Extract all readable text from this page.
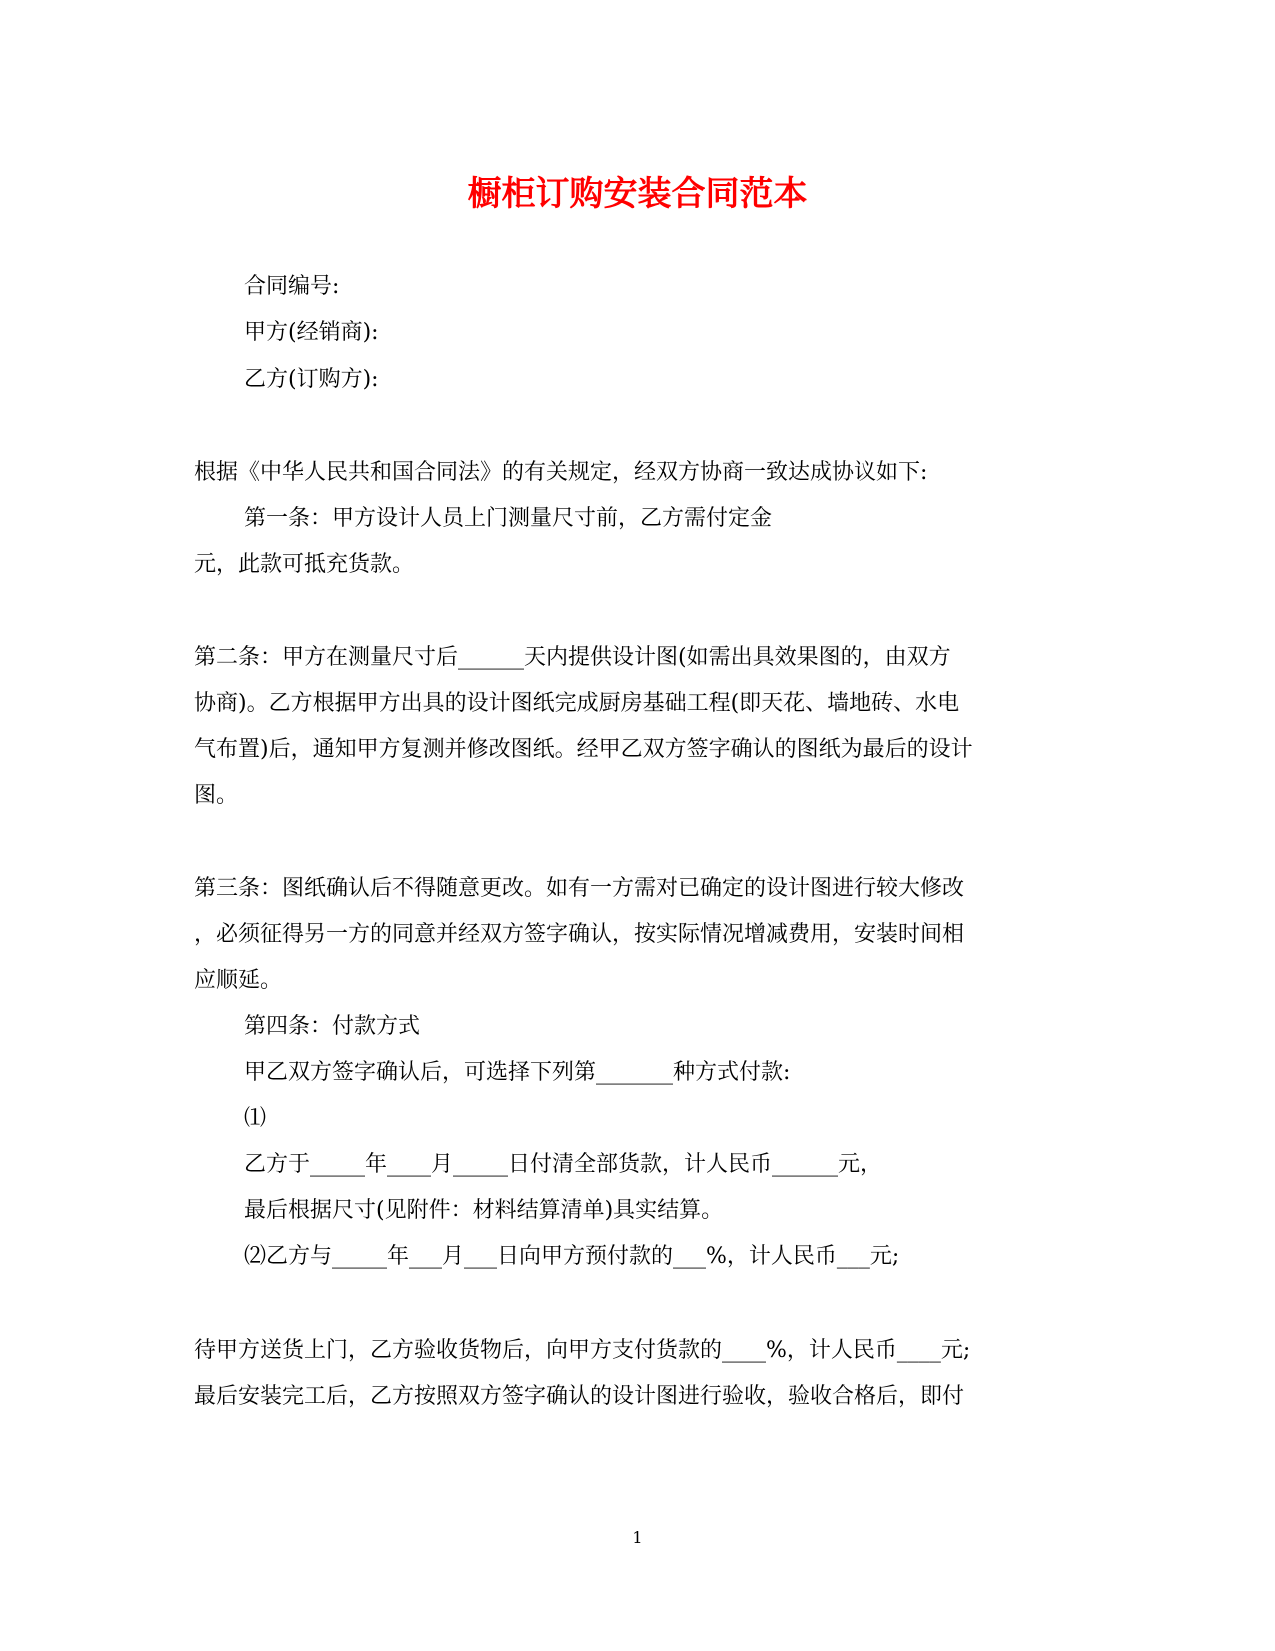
橱柜订购安装合同范本
合同编号:
甲方(经销商):
乙方(订购方):
根据《中华人民共和国合同法》的有关规定，经双方协商一致达成协议如下:
第一条：甲方设计人员上门测量尺寸前，乙方需付定金
元，此款可抵充货款。
第二条：甲方在测量尺寸后______天内提供设计图(如需出具效果图的，由双方
协商)。乙方根据甲方出具的设计图纸完成厨房基础工程(即天花、墙地砖、水电
气布置)后，通知甲方复测并修改图纸。经甲乙双方签字确认的图纸为最后的设计
图。
第三条：图纸确认后不得随意更改。如有一方需对已确定的设计图进行较大修改
，必须征得另一方的同意并经双方签字确认，按实际情况增减费用，安装时间相
应顺延。
第四条：付款方式
甲乙双方签字确认后，可选择下列第_______种方式付款:
⑴
乙方于_____年____月_____日付清全部货款，计人民币______元，
最后根据尺寸(见附件：材料结算清单)具实结算。
⑵乙方与_____年___月___日向甲方预付款的___%，计人民币___元;
待甲方送货上门，乙方验收货物后，向甲方支付货款的____%，计人民币____元;
最后安装完工后，乙方按照双方签字确认的设计图进行验收，验收合格后，即付
1
